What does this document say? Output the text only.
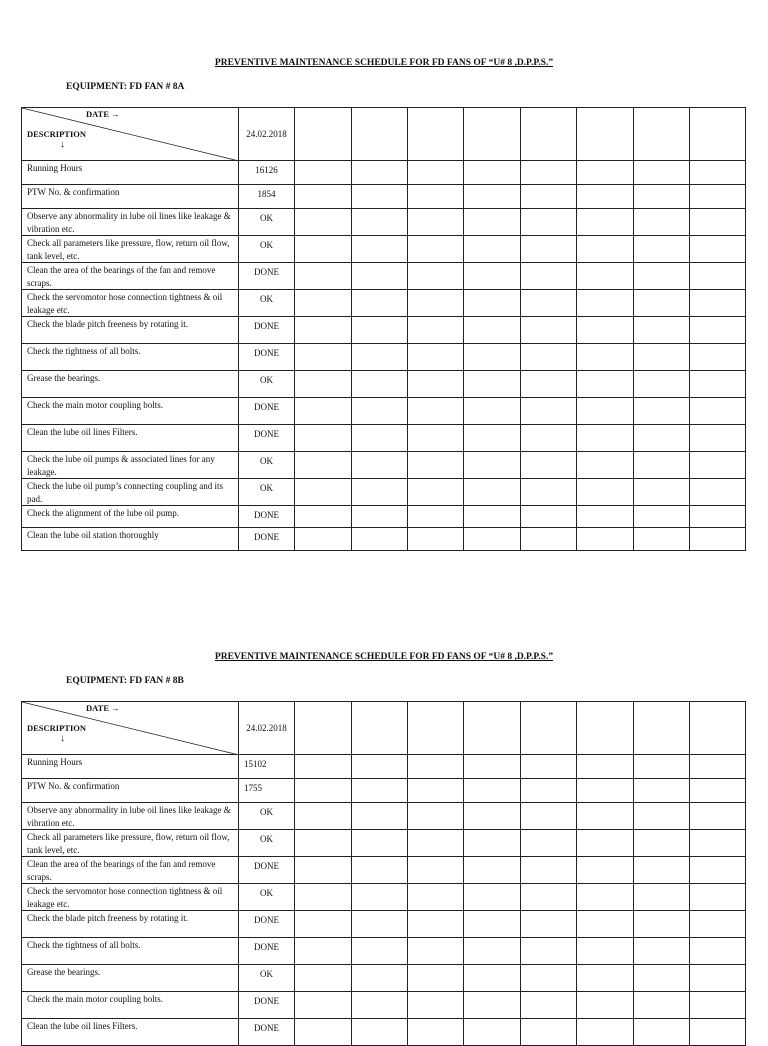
PREVENTIVE MAINTENANCE SCHEDULE FOR FD FANS OF “U# 8 ,D.P.P.S.”
EQUIPMENT: FD FAN # 8A
DATE →
DESCRIPTION
↓	24.02.2018								
Running Hours	16126								
PTW No. & confirmation	1854								
Observe any abnormality in lube oil lines like leakage & vibration etc.	OK								
Check all parameters like pressure, flow, return oil flow, tank level, etc.	OK								
Clean the area of the bearings of the fan and remove scraps.	DONE								
Check the servomotor hose connection tightness & oil leakage etc.	OK								
Check the blade pitch freeness by rotating it.	DONE								
Check the tightness of all bolts.	DONE								
Grease the bearings.	OK								
Check the main motor coupling bolts.	DONE								
Clean the lube oil lines Filters.	DONE								
Check the lube oil pumps & associated lines for any leakage.	OK								
Check the lube oil pump’s connecting coupling and its pad.	OK								
Check the alignment of the lube oil pump.	DONE								
Clean the lube oil station thoroughly	DONE								
PREVENTIVE MAINTENANCE SCHEDULE FOR FD FANS OF “U# 8 ,D.P.P.S.”
EQUIPMENT: FD FAN # 8B
DATE →
DESCRIPTION
↓	24.02.2018								
Running Hours	15102								
PTW No. & confirmation	1755								
Observe any abnormality in lube oil lines like leakage & vibration etc.	OK								
Check all parameters like pressure, flow, return oil flow, tank level, etc.	OK								
Clean the area of the bearings of the fan and remove scraps.	DONE								
Check the servomotor hose connection tightness & oil leakage etc.	OK								
Check the blade pitch freeness by rotating it.	DONE								
Check the tightness of all bolts.	DONE								
Grease the bearings.	OK								
Check the main motor coupling bolts.	DONE								
Clean the lube oil lines Filters.	DONE								
